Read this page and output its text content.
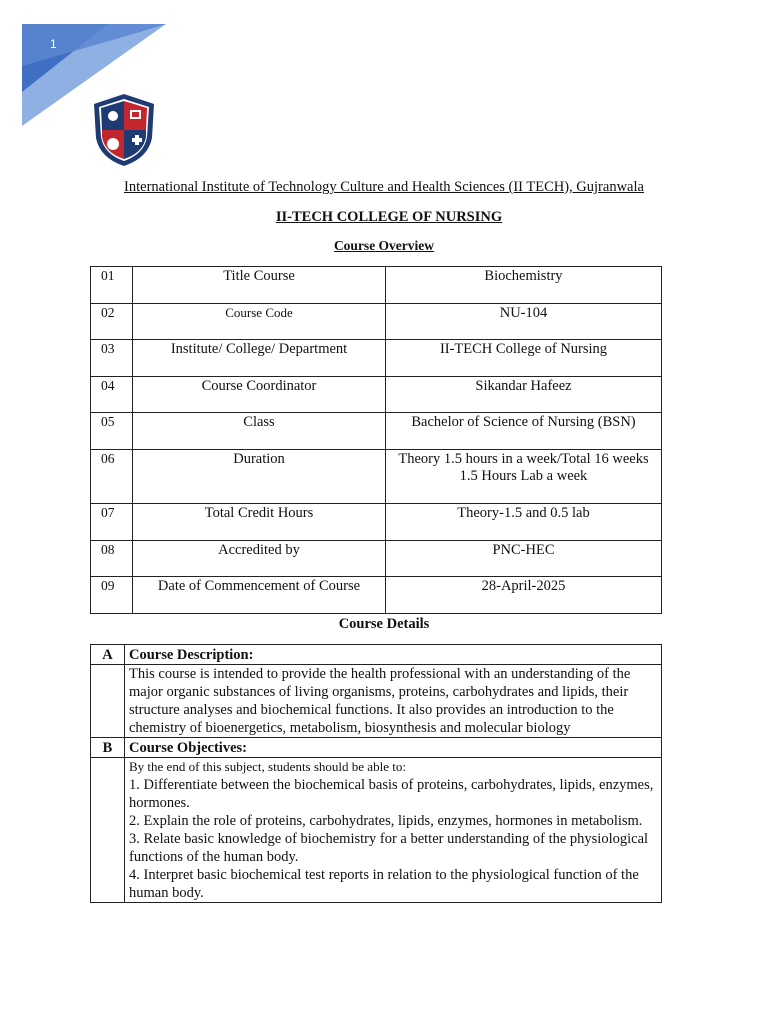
1
International Institute of Technology Culture and Health Sciences (II TECH), Gujranwala
II-TECH COLLEGE OF NURSING
Course Overview
01	Title Course	Biochemistry

02	Course Code	NU-104

03	Institute/ College/ Department	II-TECH College of Nursing

04	Course Coordinator	Sikandar Hafeez

05	Class	Bachelor of Science of Nursing (BSN)

06	Duration	Theory 1.5 hours in a week/Total 16 weeks
1.5 Hours Lab a week

07	Total Credit Hours	Theory-1.5 and 0.5 lab

08	Accredited by	PNC-HEC

09	Date of Commencement of Course	28-April-2025
Course Details
A	Course Description:
	This course is intended to provide the health professional with an understanding of the major organic substances of living organisms, proteins, carbohydrates and lipids, their structure analyses and biochemical functions. It also provides an introduction to the chemistry of bioenergetics, metabolism, biosynthesis and molecular biology
B	Course Objectives:

	By the end of this subject, students should be able to:
1. Differentiate between the biochemical basis of proteins, carbohydrates, lipids, enzymes, hormones.
2. Explain the role of proteins, carbohydrates, lipids, enzymes, hormones in metabolism.
3. Relate basic knowledge of biochemistry for a better understanding of the physiological functions of the human body.
4. Interpret basic biochemical test reports in relation to the physiological function of the human body.
